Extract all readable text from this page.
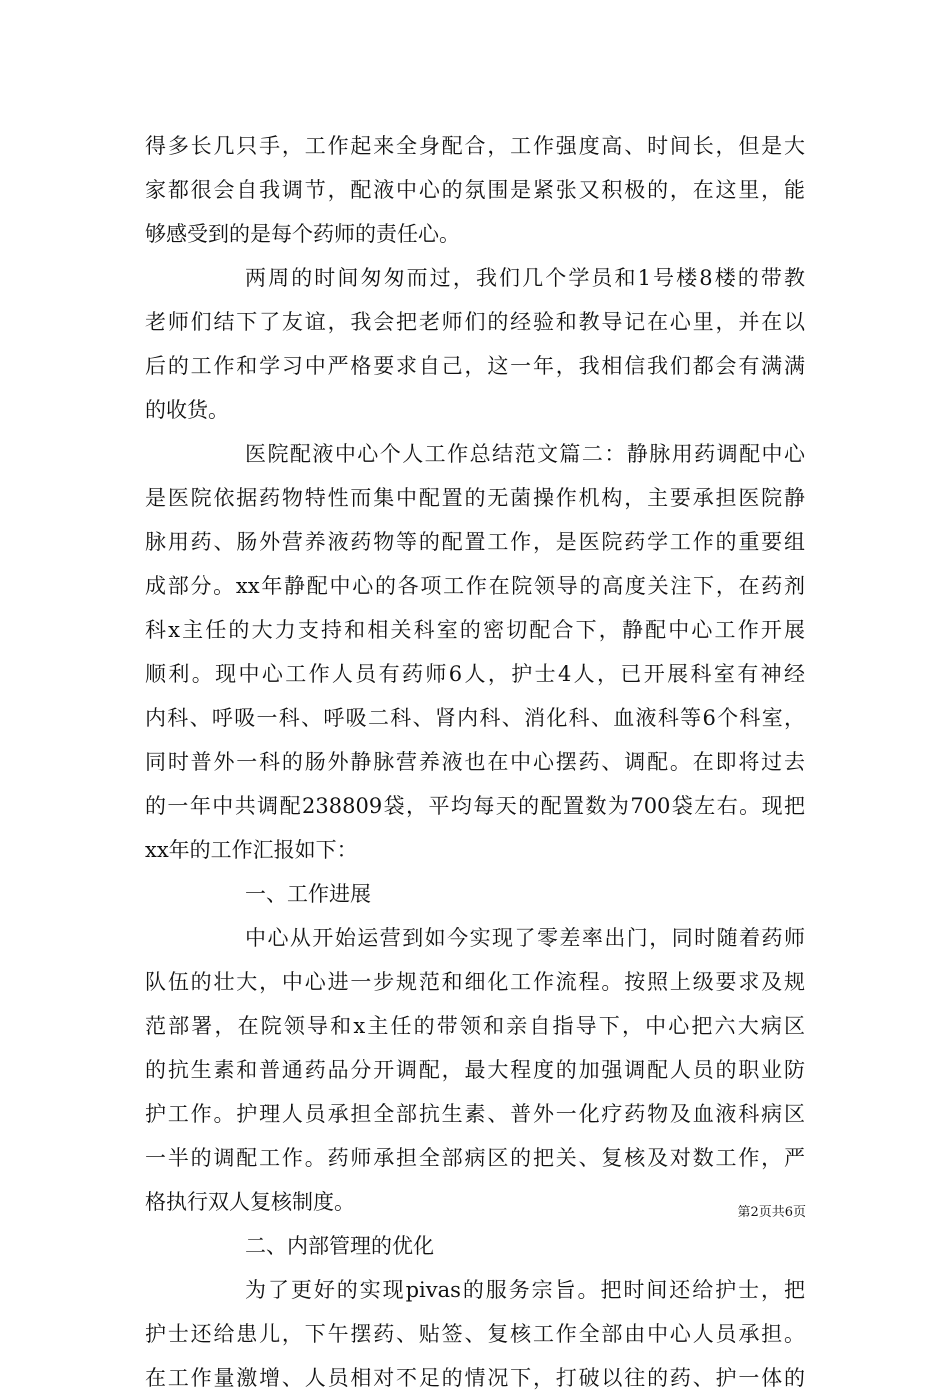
得多长几只手，工作起来全身配合，工作强度高、时间长，但是大
家都很会自我调节，配液中心的氛围是紧张又积极的，在这里，能
够感受到的是每个药师的责任心。
两周的时间匆匆而过，我们几个学员和1号楼8楼的带教
老师们结下了友谊，我会把老师们的经验和教导记在心里，并在以
后的工作和学习中严格要求自己，这一年，我相信我们都会有满满
的收货。
医院配液中心个人工作总结范文篇二：静脉用药调配中心
是医院依据药物特性而集中配置的无菌操作机构，主要承担医院静
脉用药、肠外营养液药物等的配置工作，是医院药学工作的重要组
成部分。xx年静配中心的各项工作在院领导的高度关注下，在药剂
科x主任的大力支持和相关科室的密切配合下，静配中心工作开展
顺利。现中心工作人员有药师6人，护士4人，已开展科室有神经
内科、呼吸一科、呼吸二科、肾内科、消化科、血液科等6个科室，
同时普外一科的肠外静脉营养液也在中心摆药、调配。在即将过去
的一年中共调配238809袋，平均每天的配置数为700袋左右。现把
xx年的工作汇报如下：
一、工作进展
中心从开始运营到如今实现了零差率出门，同时随着药师
队伍的壮大，中心进一步规范和细化工作流程。按照上级要求及规
范部署，在院领导和x主任的带领和亲自指导下，中心把六大病区
的抗生素和普通药品分开调配，最大程度的加强调配人员的职业防
护工作。护理人员承担全部抗生素、普外一化疗药物及血液科病区
一半的调配工作。药师承担全部病区的把关、复核及对数工作，严
格执行双人复核制度。
二、内部管理的优化
为了更好的实现pivas的服务宗旨。把时间还给护士，把
护士还给患儿，下午摆药、贴签、复核工作全部由中心人员承担。
在工作量激增、人员相对不足的情况下，打破以往的药、护一体的
第2页共6页
